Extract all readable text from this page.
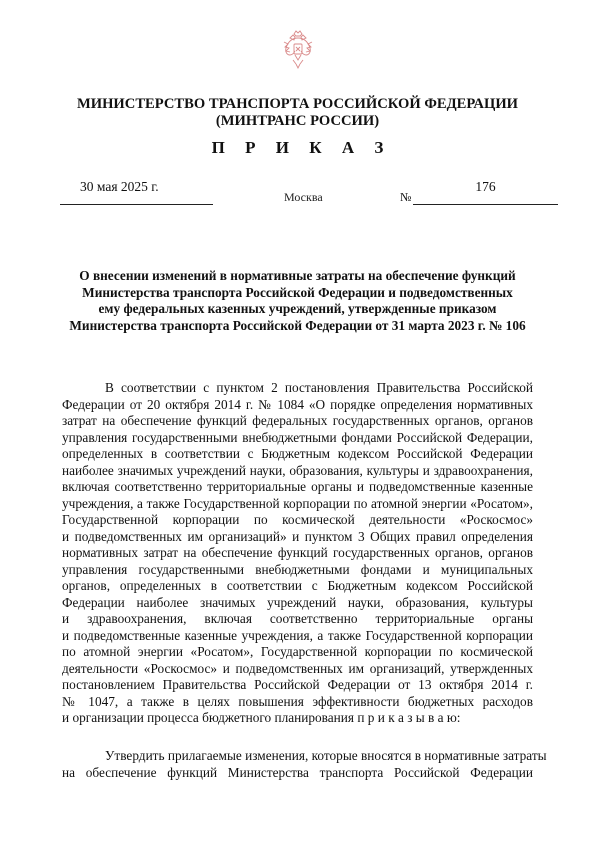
МИНИСТЕРСТВО ТРАНСПОРТА РОССИЙСКОЙ ФЕДЕРАЦИИ
(МИНТРАНС РОССИИ)
П Р И К А З
30 мая 2025 г.
Москва	№
176
О внесении изменений в нормативные затраты на обеспечение функций
Министерства транспорта Российской Федерации и подведомственных
ему федеральных казенных учреждений, утвержденные приказом
Министерства транспорта Российской Федерации от 31 марта 2023 г. № 106
В соответствии с пунктом 2 постановления Правительства Российской
Федерации от 20 октября 2014 г. № 1084 «О порядке определения нормативных
затрат на обеспечение функций федеральных государственных органов, органов
управления государственными внебюджетными фондами Российской Федерации,
определенных в соответствии с Бюджетным кодексом Российской Федерации
наиболее значимых учреждений науки, образования, культуры и здравоохранения,
включая соответственно территориальные органы и подведомственные казенные
учреждения, а также Государственной корпорации по атомной энергии «Росатом»,
Государственной корпорации по космической деятельности «Роскосмос»
и подведомственных им организаций» и пунктом 3 Общих правил определения
нормативных затрат на обеспечение функций государственных органов, органов
управления государственными внебюджетными фондами и муниципальных
органов, определенных в соответствии с Бюджетным кодексом Российской
Федерации наиболее значимых учреждений науки, образования, культуры
и здравоохранения, включая соответственно территориальные органы
и подведомственные казенные учреждения, а также Государственной корпорации
по атомной энергии «Росатом», Государственной корпорации по космической
деятельности «Роскосмос» и подведомственных им организаций, утвержденных
постановлением Правительства Российской Федерации от 13 октября 2014 г.
№ 1047, а также в целях повышения эффективности бюджетных расходов
и организации процесса бюджетного планирования п р и к а з ы в а ю:
Утвердить прилагаемые изменения, которые вносятся в нормативные затраты
на обеспечение функций Министерства транспорта Российской Федерации
